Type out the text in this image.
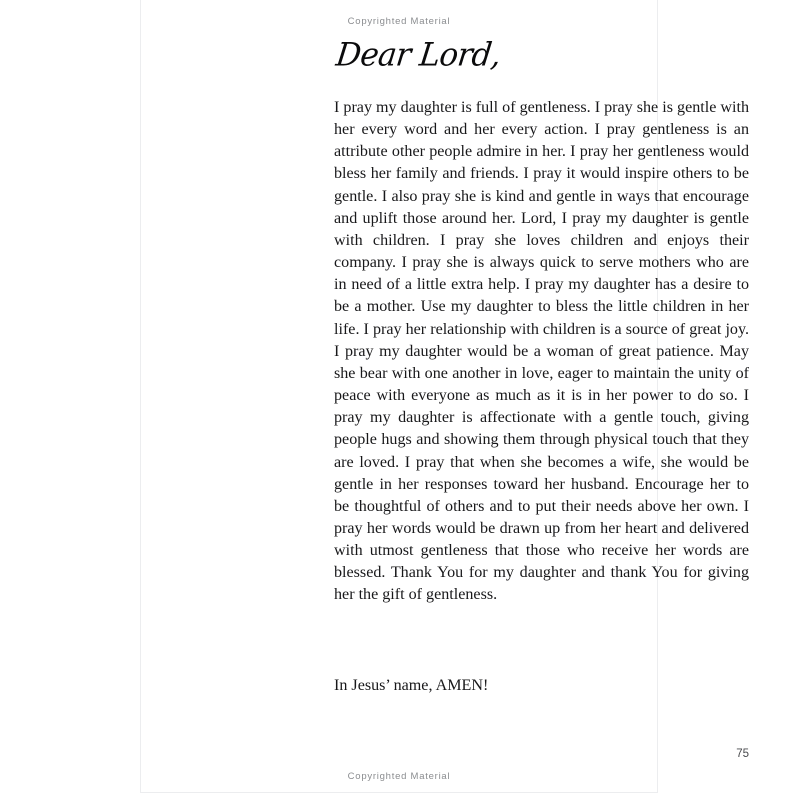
Copyrighted Material
Dear Lord,

I pray my daughter is full of gentleness. I pray she is gentle with her every word and her every action. I pray gentleness is an attribute other people admire in her. I pray her gentleness would bless her family and friends. I pray it would inspire others to be gentle. I also pray she is kind and gentle in ways that encourage and uplift those around her. Lord, I pray my daughter is gentle with children. I pray she loves children and enjoys their company. I pray she is always quick to serve mothers who are in need of a little extra help. I pray my daughter has a desire to be a mother. Use my daughter to bless the little children in her life. I pray her relationship with children is a source of great joy. I pray my daughter would be a woman of great patience. May she bear with one another in love, eager to maintain the unity of peace with everyone as much as it is in her power to do so. I pray my daughter is affectionate with a gentle touch, giving people hugs and showing them through physical touch that they are loved. I pray that when she becomes a wife, she would be gentle in her responses toward her husband. Encourage her to be thoughtful of others and to put their needs above her own. I pray her words would be drawn up from her heart and delivered with utmost gentleness that those who receive her words are blessed. Thank You for my daughter and thank You for giving her the gift of gentleness.

In Jesus’ name, AMEN!

75
Copyrighted Material
